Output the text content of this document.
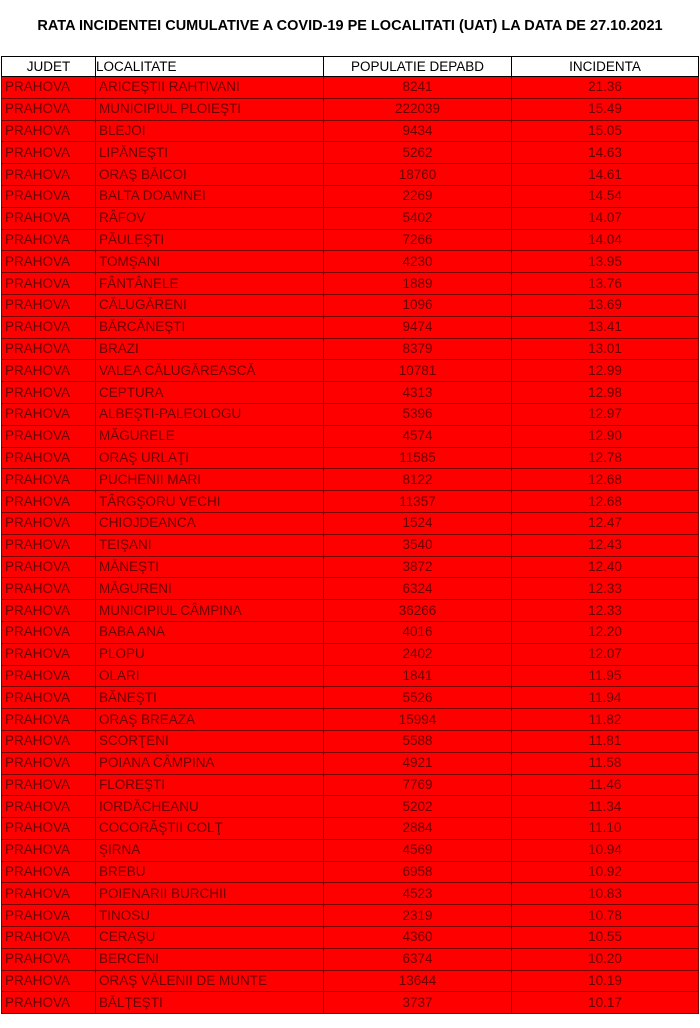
RATA INCIDENTEI CUMULATIVE A COVID-19 PE LOCALITATI (UAT) LA DATA DE 27.10.2021
JUDET	LOCALITATE	POPULATIE DEPABD	INCIDENTA
PRAHOVA	ARICEŞTII RAHTIVANI	8241	21.36
PRAHOVA	MUNICIPIUL PLOIEŞTI	222039	15.49
PRAHOVA	BLEJOI	9434	15.05
PRAHOVA	LIPĂNEŞTI	5262	14.63
PRAHOVA	ORAŞ BĂICOI	18760	14.61
PRAHOVA	BALTA DOAMNEI	2269	14.54
PRAHOVA	RÂFOV	5402	14.07
PRAHOVA	PĂULEŞTI	7266	14.04
PRAHOVA	TOMŞANI	4230	13.95
PRAHOVA	FÂNTÂNELE	1889	13.76
PRAHOVA	CĂLUGĂRENI	1096	13.69
PRAHOVA	BĂRCĂNEŞTI	9474	13.41
PRAHOVA	BRAZI	8379	13.01
PRAHOVA	VALEA CĂLUGĂREASCĂ	10781	12.99
PRAHOVA	CEPTURA	4313	12.98
PRAHOVA	ALBEŞTI-PALEOLOGU	5396	12.97
PRAHOVA	MĂGURELE	4574	12.90
PRAHOVA	ORAŞ URLAŢI	11585	12.78
PRAHOVA	PUCHENII MARI	8122	12.68
PRAHOVA	TÂRGŞORU VECHI	11357	12.68
PRAHOVA	CHIOJDEANCA	1524	12.47
PRAHOVA	TEIŞANI	3540	12.43
PRAHOVA	MĂNEŞTI	3872	12.40
PRAHOVA	MĂGURENI	6324	12.33
PRAHOVA	MUNICIPIUL CÂMPINA	36266	12.33
PRAHOVA	BABA ANA	4016	12.20
PRAHOVA	PLOPU	2402	12.07
PRAHOVA	OLARI	1841	11.95
PRAHOVA	BĂNEŞTI	5526	11.94
PRAHOVA	ORAŞ BREAZA	15994	11.82
PRAHOVA	SCORŢENI	5588	11.81
PRAHOVA	POIANA CÂMPINA	4921	11.58
PRAHOVA	FLOREŞTI	7769	11.46
PRAHOVA	IORDĂCHEANU	5202	11.34
PRAHOVA	COCORĂŞTII COLŢ	2884	11.10
PRAHOVA	ŞIRNA	4569	10.94
PRAHOVA	BREBU	6958	10.92
PRAHOVA	POIENARII BURCHII	4523	10.83
PRAHOVA	TINOSU	2319	10.78
PRAHOVA	CERAŞU	4360	10.55
PRAHOVA	BERCENI	6374	10.20
PRAHOVA	ORAŞ VĂLENII DE MUNTE	13644	10.19
PRAHOVA	BĂLŢEŞTI	3737	10.17
